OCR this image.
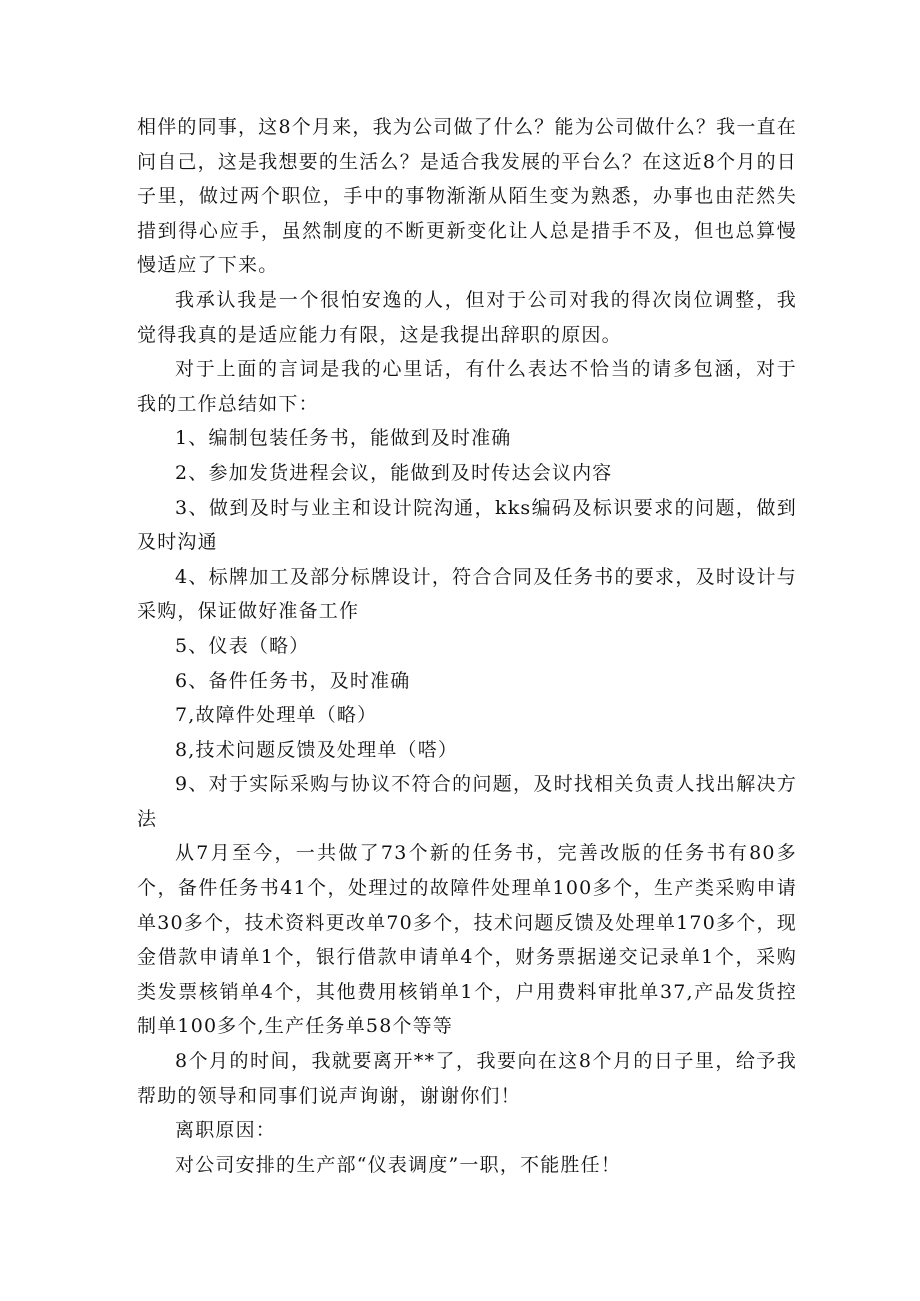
相伴的同事，这8个月来，我为公司做了什么？能为公司做什么？我一直在问自己，这是我想要的生活么？是适合我发展的平台么？在这近8个月的日子里，做过两个职位，手中的事物渐渐从陌生变为熟悉，办事也由茫然失措到得心应手，虽然制度的不断更新变化让人总是措手不及，但也总算慢慢适应了下来。

我承认我是一个很怕安逸的人，但对于公司对我的得次岗位调整，我觉得我真的是适应能力有限，这是我提出辞职的原因。

对于上面的言词是我的心里话，有什么表达不恰当的请多包涵，对于我的工作总结如下：

1、编制包装任务书，能做到及时准确

2、参加发货进程会议，能做到及时传达会议内容

3、做到及时与业主和设计院沟通，kks编码及标识要求的问题，做到及时沟通

4、标牌加工及部分标牌设计，符合合同及任务书的要求，及时设计与采购，保证做好准备工作

5、仪表（略）

6、备件任务书，及时准确

7,故障件处理单（略）

8,技术问题反馈及处理单（嗒）

9、对于实际采购与协议不符合的问题，及时找相关负责人找出解决方法

从7月至今，一共做了73个新的任务书，完善改版的任务书有80多个，备件任务书41个，处理过的故障件处理单100多个，生产类采购申请单30多个，技术资料更改单70多个，技术问题反馈及处理单170多个，现金借款申请单1个，银行借款申请单4个，财务票据递交记录单1个，采购类发票核销单4个，其他费用核销单1个，户用费料审批单37,产品发货控制单100多个,生产任务单58个等等

8个月的时间，我就要离开**了，我要向在这8个月的日子里，给予我帮助的领导和同事们说声询谢，谢谢你们！

离职原因：

对公司安排的生产部“仪表调度”一职，不能胜任！
